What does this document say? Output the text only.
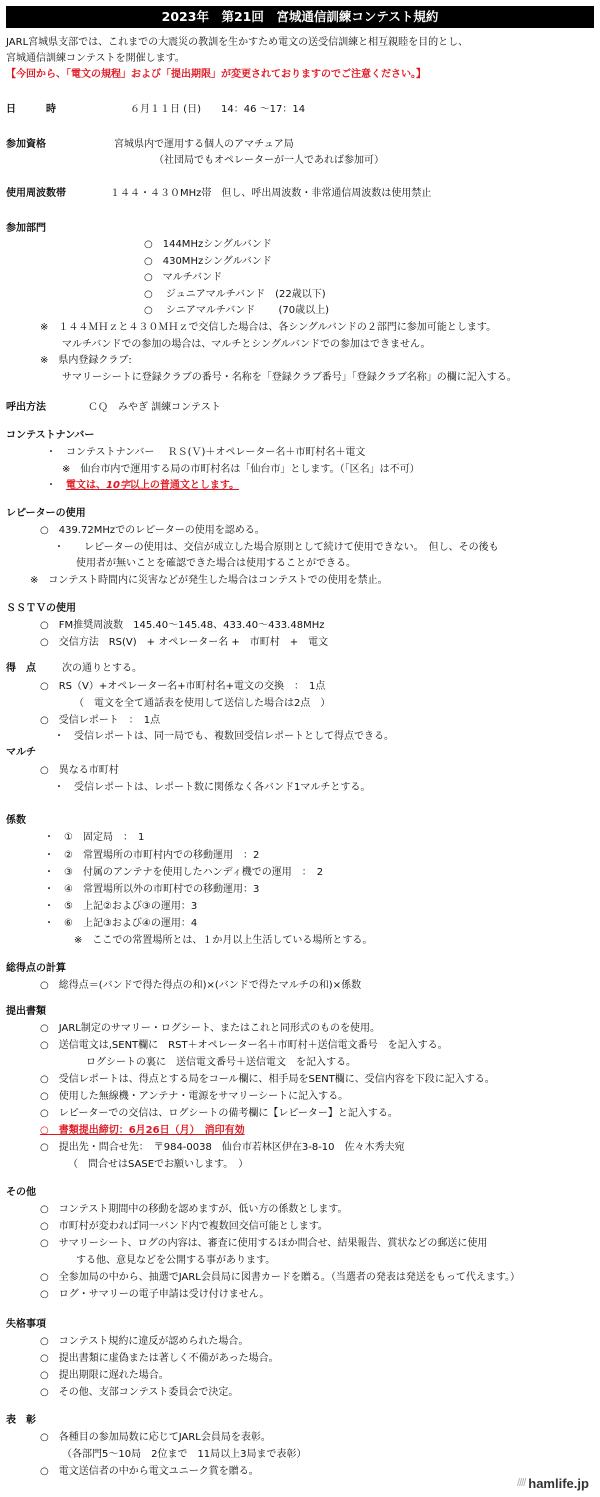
2023年　第21回　宮城通信訓練コンテスト規約
JARL宮城県支部では、これまでの大震災の教訓を生かすため電文の送受信訓練と相互親睦を目的とし、
宮城通信訓練コンテストを開催します。
【今回から、「電文の規程」および「提出期限」が変更されておりますのでご注意ください。】
日　　　時	６月１１日 (日)　　14：46 ～17：14
参加資格	宮城県内で運用する個人のアマチュア局
（社団局でもオペレーターが一人であれば参加可）
使用周波数帯	１４４・４３０MHz帯　但し、呼出周波数・非常通信周波数は使用禁止
参加部門
○　144MHzシングルバンド
○　430MHzシングルバンド
○　マルチバンド
○　 ジュニアマルチバンド　(22歳以下)
○　 シニアマルチバンド　　 (70歳以上)
※　１４４ＭＨｚと４３０ＭＨｚで交信した場合は、各シングルバンドの２部門に参加可能とします。
マルチバンドでの参加の場合は、マルチとシングルバンドでの参加はできません。
※　県内登録クラブ:
サマリーシートに登録クラブの番号・名称を「登録クラブ番号」「登録クラブ名称」の欄に記入する。
呼出方法	ＣＱ　みやぎ 訓練コンテスト
コンテストナンバー
・　コンテストナンバー　 ＲＳ(Ｖ)＋オペレーター名＋市町村名＋電文
※　仙台市内で運用する局の市町村名は「仙台市」とします。（「区名」は不可）
・　電文は、10字以上の普通文とします。
レピーターの使用
○　439.72MHzでのレピーターの使用を認める。
・　　レピーターの使用は、交信が成立した場合原則として続けて使用できない。　但し、その後も
使用者が無いことを確認できた場合は使用することができる。
※　コンテスト時間内に災害などが発生した場合はコンテストでの使用を禁止。
ＳＳＴＶの使用
○　FM推奨周波数　145.40～145.48、433.40～433.48MHz
○　交信方法　RS(V)　+ オペレーター名 +　市町村　+　電文
得　点	次の通りとする。
○　RS（V）+オペレーター名+市町村名+電文の交換　：　1点
（　電文を全て通話表を使用して送信した場合は2点　）
○　受信レポート　：　1点
・　受信レポートは、同一局でも、複数回受信レポートとして得点できる。
マルチ
○　異なる市町村
・　受信レポートは、レポート数に関係なく各バンド1マルチとする。
係数
・　①　固定局　：　1
・　②　常置場所の市町村内での移動運用　：2
・　③　付属のアンテナを使用したハンディ機での運用　：　2
・　④　常置場所以外の市町村での移動運用：3
・　⑤　上記②および③の運用：3
・　⑥　上記③および④の運用：4
※　ここでの常置場所とは、１か月以上生活している場所とする。
総得点の計算
○　総得点＝(バンドで得た得点の和)×(バンドで得たマルチの和)×係数
提出書類
○　JARL制定のサマリー・ログシート、またはこれと同形式のものを使用。
○　送信電文は,SENT欄に　RST＋オペレーター名＋市町村＋送信電文番号　を記入する。
ログシートの裏に　送信電文番号＋送信電文　を記入する。
○　受信レポートは、得点とする局をコール欄に、相手局をSENT欄に、受信内容を下段に記入する。
○　使用した無線機・アンテナ・電源をサマリーシートに記入する。
○　レピーターでの交信は、ログシートの備考欄に【レピーター】と記入する。
○　書類提出締切：6月26日（月）　消印有効
○　提出先・問合せ先：　〒984-0038　仙台市若林区伊在3-8-10　佐々木秀夫宛
（　問合せはSASEでお願いします。　）
その他
○　コンテスト期間中の移動を認めますが、低い方の係数とします。
○　市町村が変われば同一バンド内で複数回交信可能とします。
○　サマリーシート、ログの内容は、審査に使用するほか問合せ、結果報告、賞状などの郵送に使用
する他、意見などを公開する事があります。
○　全参加局の中から、抽選でJARL会員局に図書カードを贈る。（当選者の発表は発送をもって代えます。）
○　ログ・サマリーの電子申請は受け付けません。
失格事項
○　コンテスト規約に違反が認められた場合。
○　提出書類に虚偽または著しく不備があった場合。
○　提出期限に遅れた場合。
○　その他、支部コンテスト委員会で決定。
表　彰
○　各種目の参加局数に応じてJARL会員局を表彰。
（各部門5～10局　2位まで　11局以上3局まで表彰）
○　電文送信者の中から電文ユニーク賞を贈る。
//// hamlife.jp
